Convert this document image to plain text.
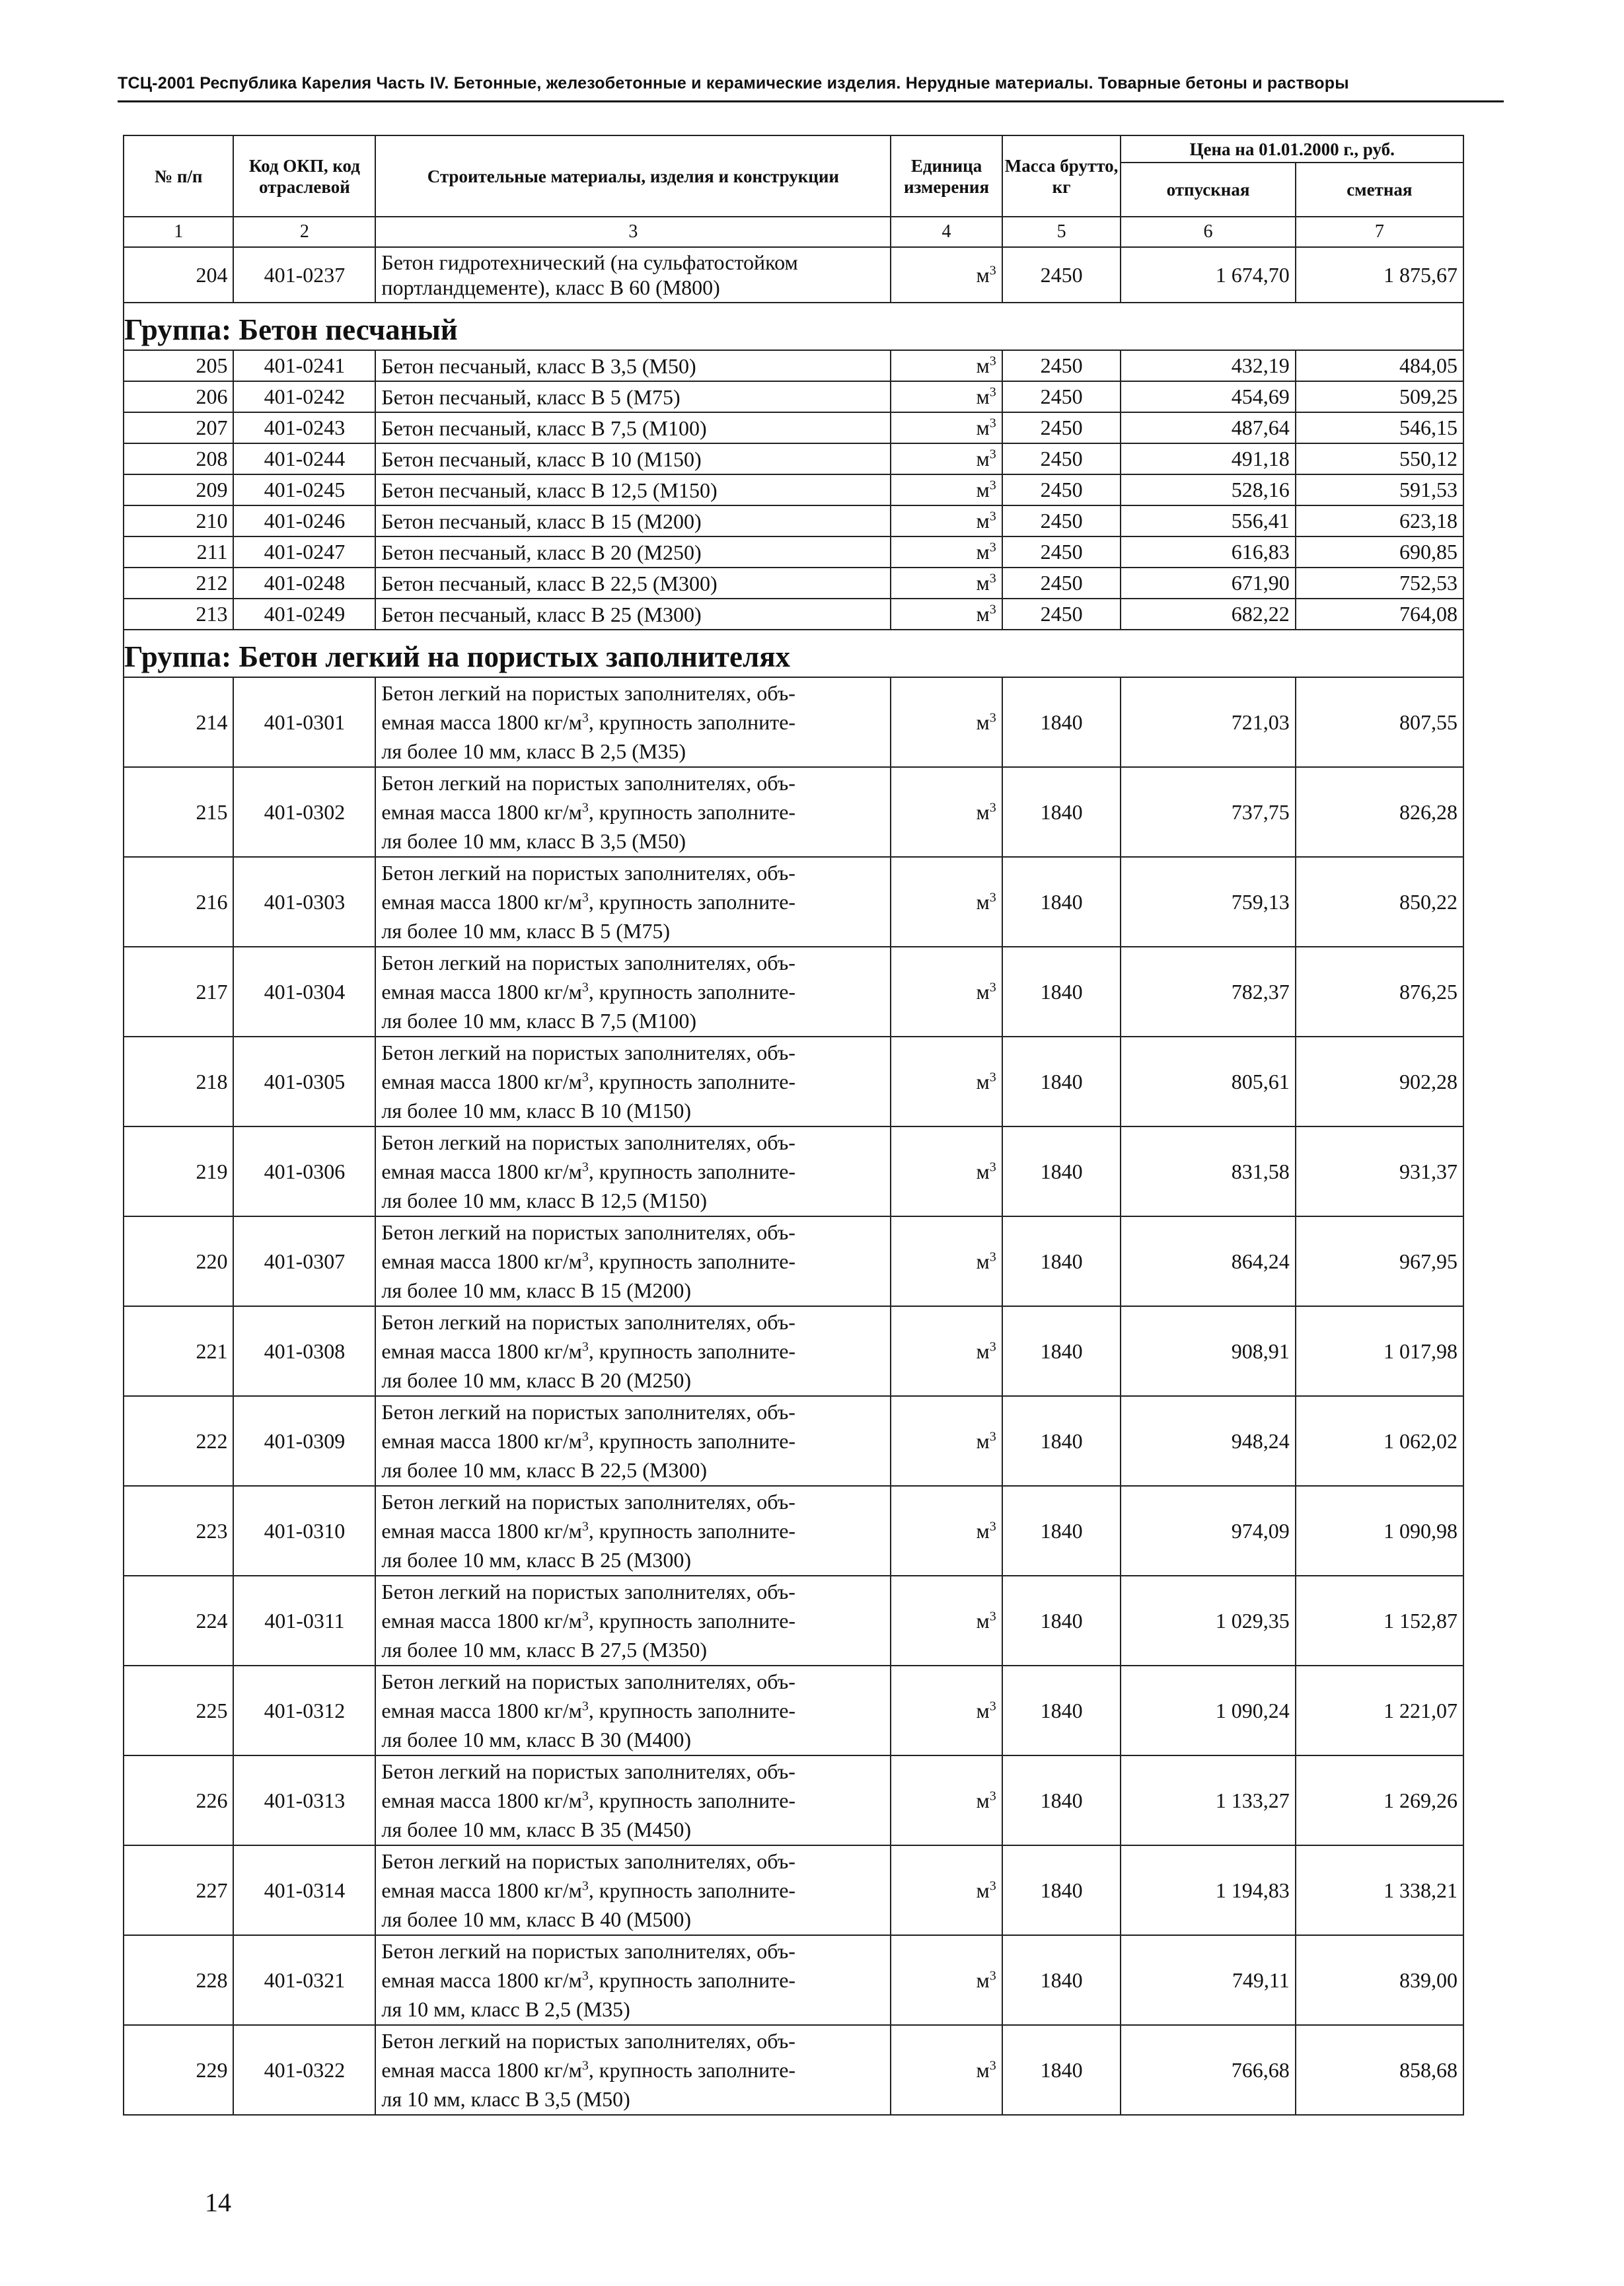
ТСЦ-2001 Республика Карелия Часть IV. Бетонные, железобетонные и керамические изделия. Нерудные материалы. Товарные бетоны и растворы
№ п/п	Код ОКП, код отраслевой	Строительные материалы, изделия и конструкции	Единица измерения	Масса брутто, кг	Цена на 01.01.2000 г., руб.	
					отпускная	сметная
1	2	3	4	5	6	7
204	401-0237	Бетон гидротехнический (на сульфатостойком портландцементе), класс В 60 (М800)	$м^3$	2450	1 674,70	1 875,67
Группа: Бетон песчаный						
205	401-0241	Бетон песчаный, класс В 3,5 (М50)	$м^3$	2450	432,19	484,05
206	401-0242	Бетон песчаный, класс В 5 (М75)	$м^3$	2450	454,69	509,25
207	401-0243	Бетон песчаный, класс В 7,5 (М100)	$м^3$	2450	487,64	546,15
208	401-0244	Бетон песчаный, класс В 10 (М150)	$м^3$	2450	491,18	550,12
209	401-0245	Бетон песчаный, класс В 12,5 (М150)	$м^3$	2450	528,16	591,53
210	401-0246	Бетон песчаный, класс В 15 (М200)	$м^3$	2450	556,41	623,18
211	401-0247	Бетон песчаный, класс В 20 (М250)	$м^3$	2450	616,83	690,85
212	401-0248	Бетон песчаный, класс В 22,5 (М300)	$м^3$	2450	671,90	752,53
213	401-0249	Бетон песчаный, класс В 25 (М300)	$м^3$	2450	682,22	764,08
Группа: Бетон легкий на пористых заполнителях						
214	401-0301	Бетон легкий на пористых заполнителях, объ-
емная масса 1800 $кг/м^3$, крупность заполните-
ля более 10 мм, класс В 2,5 (М35)	$м^3$	1840	721,03	807,55
215	401-0302	Бетон легкий на пористых заполнителях, объ-
емная масса 1800 $кг/м^3$, крупность заполните-
ля более 10 мм, класс В 3,5 (М50)	$м^3$	1840	737,75	826,28
216	401-0303	Бетон легкий на пористых заполнителях, объ-
емная масса 1800 $кг/м^3$, крупность заполните-
ля более 10 мм, класс В 5 (М75)	$м^3$	1840	759,13	850,22
217	401-0304	Бетон легкий на пористых заполнителях, объ-
емная масса 1800 $кг/м^3$, крупность заполните-
ля более 10 мм, класс В 7,5 (М100)	$м^3$	1840	782,37	876,25
218	401-0305	Бетон легкий на пористых заполнителях, объ-
емная масса 1800 $кг/м^3$, крупность заполните-
ля более 10 мм, класс В 10 (М150)	$м^3$	1840	805,61	902,28
219	401-0306	Бетон легкий на пористых заполнителях, объ-
емная масса 1800 $кг/м^3$, крупность заполните-
ля более 10 мм, класс В 12,5 (М150)	$м^3$	1840	831,58	931,37
220	401-0307	Бетон легкий на пористых заполнителях, объ-
емная масса 1800 $кг/м^3$, крупность заполните-
ля более 10 мм, класс В 15 (М200)	$м^3$	1840	864,24	967,95
221	401-0308	Бетон легкий на пористых заполнителях, объ-
емная масса 1800 $кг/м^3$, крупность заполните-
ля более 10 мм, класс В 20 (М250)	$м^3$	1840	908,91	1 017,98
222	401-0309	Бетон легкий на пористых заполнителях, объ-
емная масса 1800 $кг/м^3$, крупность заполните-
ля более 10 мм, класс В 22,5 (М300)	$м^3$	1840	948,24	1 062,02
223	401-0310	Бетон легкий на пористых заполнителях, объ-
емная масса 1800 $кг/м^3$, крупность заполните-
ля более 10 мм, класс В 25 (М300)	$м^3$	1840	974,09	1 090,98
224	401-0311	Бетон легкий на пористых заполнителях, объ-
емная масса 1800 $кг/м^3$, крупность заполните-
ля более 10 мм, класс В 27,5 (М350)	$м^3$	1840	1 029,35	1 152,87
225	401-0312	Бетон легкий на пористых заполнителях, объ-
емная масса 1800 $кг/м^3$, крупность заполните-
ля более 10 мм, класс В 30 (М400)	$м^3$	1840	1 090,24	1 221,07
226	401-0313	Бетон легкий на пористых заполнителях, объ-
емная масса 1800 $кг/м^3$, крупность заполните-
ля более 10 мм, класс В 35 (М450)	$м^3$	1840	1 133,27	1 269,26
227	401-0314	Бетон легкий на пористых заполнителях, объ-
емная масса 1800 $кг/м^3$, крупность заполните-
ля более 10 мм, класс В 40 (М500)	$м^3$	1840	1 194,83	1 338,21
228	401-0321	Бетон легкий на пористых заполнителях, объ-
емная масса 1800 $кг/м^3$, крупность заполните-
ля 10 мм, класс В 2,5 (М35)	$м^3$	1840	749,11	839,00
229	401-0322	Бетон легкий на пористых заполнителях, объ-
емная масса 1800 $кг/м^3$, крупность заполните-
ля 10 мм, класс В 3,5 (М50)	$м^3$	1840	766,68	858,68
14
